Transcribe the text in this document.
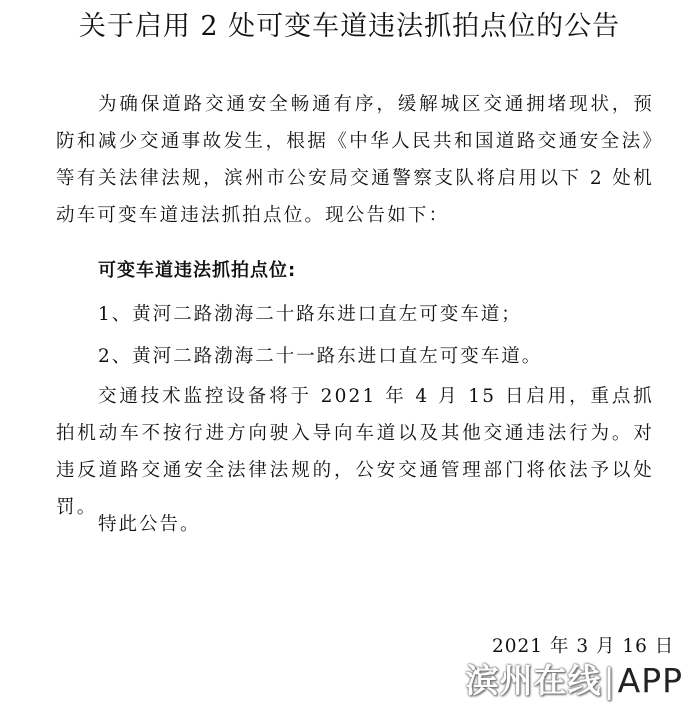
关于启用 2 处可变车道违法抓拍点位的公告
为确保道路交通安全畅通有序，缓解城区交通拥堵现状，预防和减少交通事故发生，根据《中华人民共和国道路交通安全法》等有关法律法规，滨州市公安局交通警察支队将启用以下 2 处机动车可变车道违法抓拍点位。现公告如下：
可变车道违法抓拍点位:
1、黄河二路渤海二十路东进口直左可变车道；
2、黄河二路渤海二十一路东进口直左可变车道。
交通技术监控设备将于 2021 年 4 月 15 日启用，重点抓拍机动车不按行进方向驶入导向车道以及其他交通违法行为。对违反道路交通安全法律法规的，公安交通管理部门将依法予以处罚。
特此公告。
2021 年 3 月 16 日
滨州在线|APP
